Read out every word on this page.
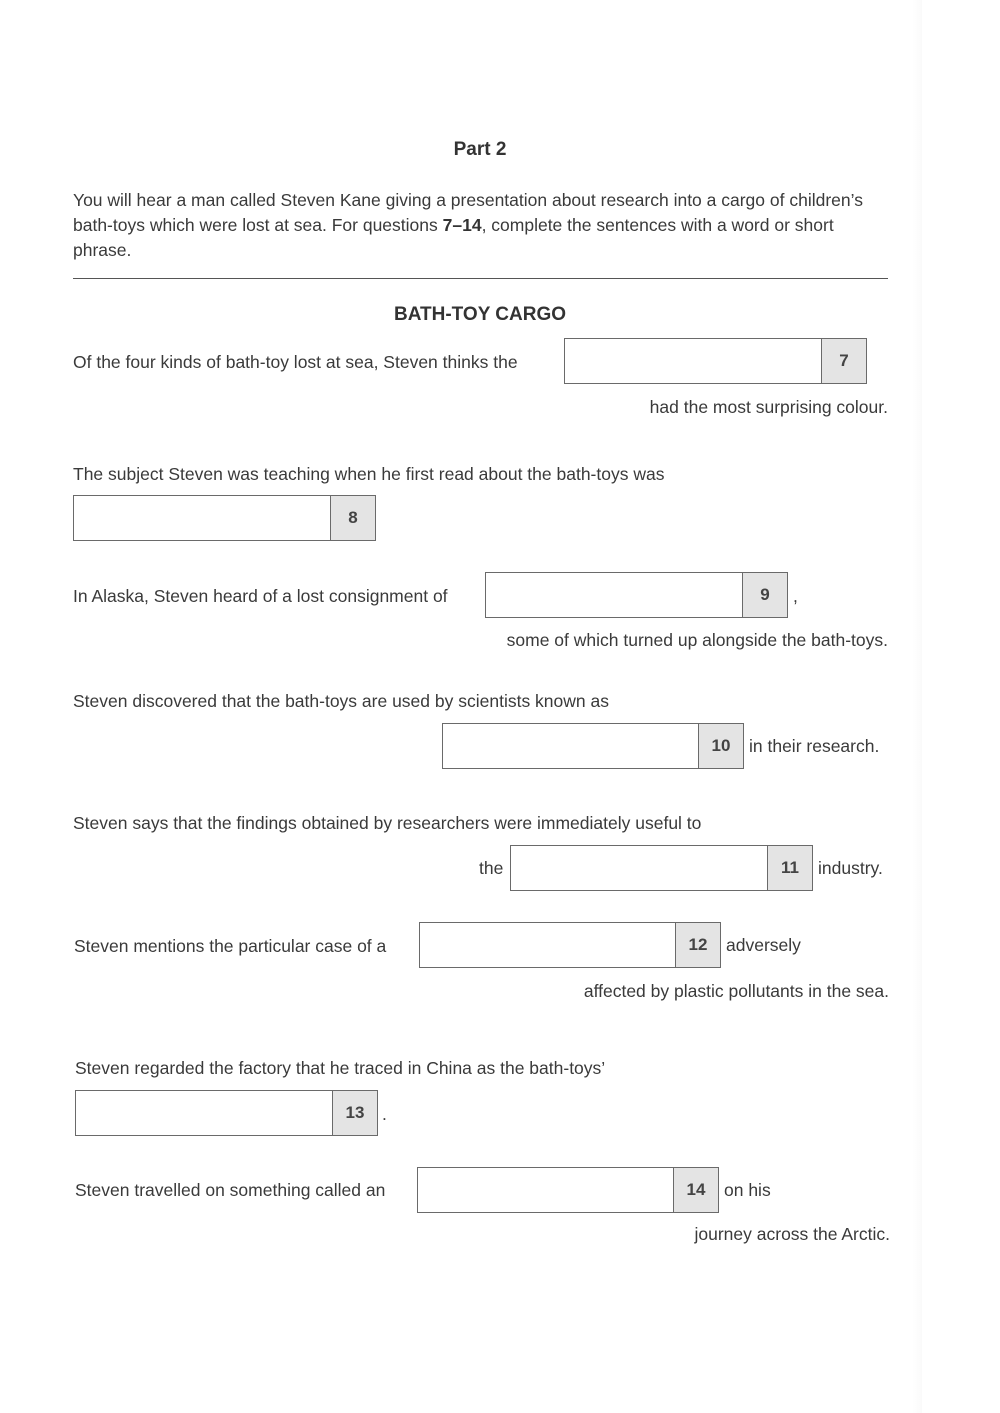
Part 2
You will hear a man called Steven Kane giving a presentation about research into a cargo of children’s bath-toys which were lost at sea. For questions 7–14, complete the sentences with a word or short phrase.
BATH-TOY CARGO
Of the four kinds of bath-toy lost at sea, Steven thinks the	7
had the most surprising colour.
The subject Steven was teaching when he first read about the bath-toys was
8
In Alaska, Steven heard of a lost consignment of	9	,
some of which turned up alongside the bath-toys.
Steven discovered that the bath-toys are used by scientists known as
10	in their research.
Steven says that the findings obtained by researchers were immediately useful to
the	11	industry.
Steven mentions the particular case of a	12	adversely
affected by plastic pollutants in the sea.
Steven regarded the factory that he traced in China as the bath-toys’
13	.
Steven travelled on something called an	14	on his
journey across the Arctic.
